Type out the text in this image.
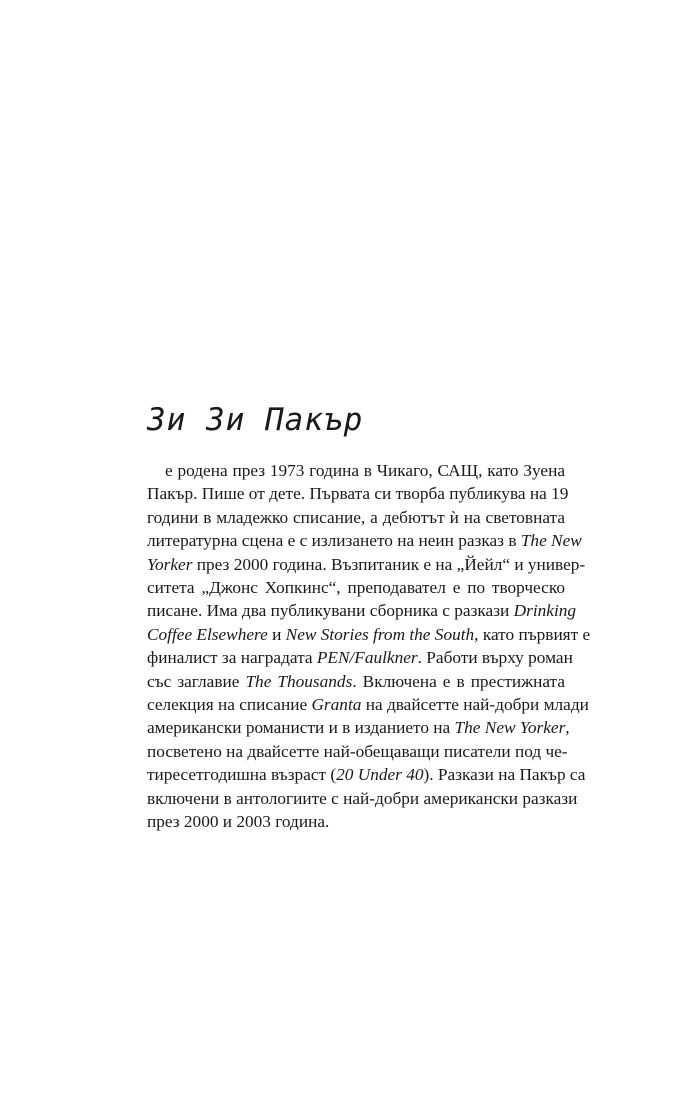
Зи Зи Пакър

е родена през 1973 година в Чикаго, САЩ, като Зуена
Пакър. Пише от дете. Първата си творба публикува на 19
години в младежко списание, а дебютът ѝ на световната
литературна сцена е с излизането на неин разказ в The New
Yorker през 2000 година. Възпитаник е на „Йейл“ и универ-
ситета „Джонс Хопкинс“, преподавател е по творческо
писане. Има два публикувани сборника с разкази Drinking
Coffee Elsewhere и New Stories from the South, като първият е
финалист за наградата PEN/Faulkner. Работи върху роман
със заглавие The Thousands. Включена е в престижната
селекция на списание Granta на двайсетте най-добри млади
американски романисти и в изданието на The New Yorker,
посветено на двайсетте най-обещаващи писатели под че-
тиресетгодишна възраст (20 Under 40). Разкази на Пакър са
включени в антологиите с най-добри американски разкази
през 2000 и 2003 година.
